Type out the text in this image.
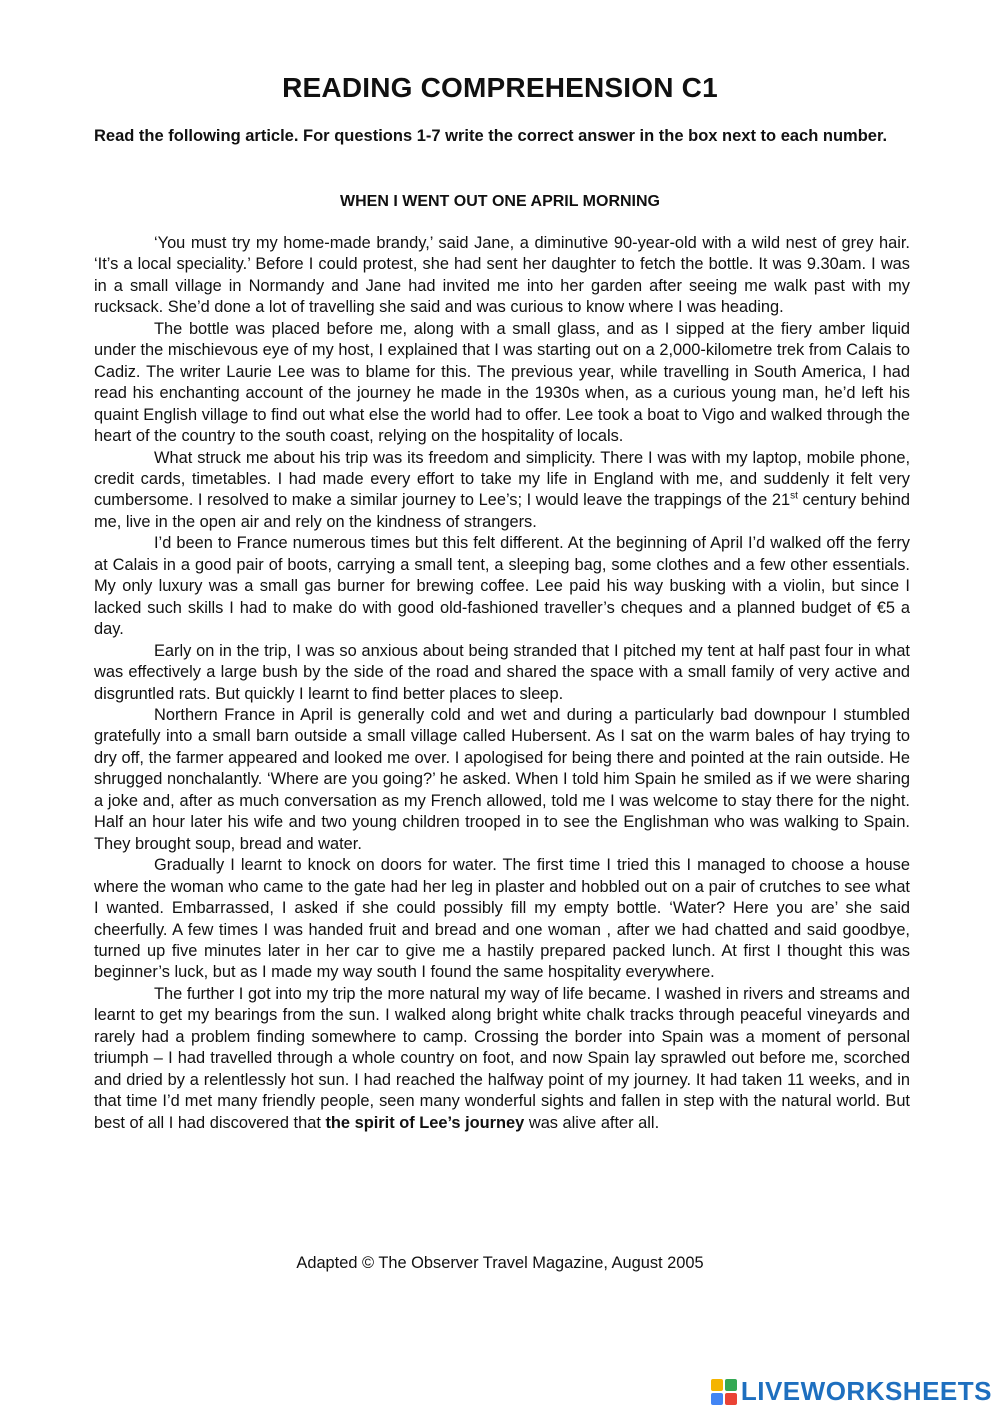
READING COMPREHENSION C1
Read the following article. For questions 1-7 write the correct answer in the box next to each number.
WHEN I WENT OUT ONE APRIL MORNING

‘You must try my home-made brandy,’ said Jane, a diminutive 90-year-old with a wild nest of grey hair. ‘It’s a local speciality.’ Before I could protest, she had sent her daughter to fetch the bottle. It was 9.30am. I was in a small village in Normandy and Jane had invited me into her garden after seeing me walk past with my rucksack. She’d done a lot of travelling she said and was curious to know where I was heading.

The bottle was placed before me, along with a small glass, and as I sipped at the fiery amber liquid under the mischievous eye of my host, I explained that I was starting out on a 2,000-kilometre trek from Calais to Cadiz. The writer Laurie Lee was to blame for this. The previous year, while travelling in South America, I had read his enchanting account of the journey he made in the 1930s when, as a curious young man, he’d left his quaint English village to find out what else the world had to offer. Lee took a boat to Vigo and walked through the heart of the country to the south coast, relying on the hospitality of locals.

What struck me about his trip was its freedom and simplicity. There I was with my laptop, mobile phone, credit cards, timetables. I had made every effort to take my life in England with me, and suddenly it felt very cumbersome. I resolved to make a similar journey to Lee’s; I would leave the trappings of the 21st century behind me, live in the open air and rely on the kindness of strangers.

I’d been to France numerous times but this felt different. At the beginning of April I’d walked off the ferry at Calais in a good pair of boots, carrying a small tent, a sleeping bag, some clothes and a few other essentials. My only luxury was a small gas burner for brewing coffee. Lee paid his way busking with a violin, but since I lacked such skills I had to make do with good old-fashioned traveller’s cheques and a planned budget of €5 a day.

Early on in the trip, I was so anxious about being stranded that I pitched my tent at half past four in what was effectively a large bush by the side of the road and shared the space with a small family of very active and disgruntled rats. But quickly I learnt to find better places to sleep.

Northern France in April is generally cold and wet and during a particularly bad downpour I stumbled gratefully into a small barn outside a small village called Hubersent. As I sat on the warm bales of hay trying to dry off, the farmer appeared and looked me over. I apologised for being there and pointed at the rain outside. He shrugged nonchalantly. ‘Where are you going?’ he asked. When I told him Spain he smiled as if we were sharing a joke and, after as much conversation as my French allowed, told me I was welcome to stay there for the night. Half an hour later his wife and two young children trooped in to see the Englishman who was walking to Spain. They brought soup, bread and water.

Gradually I learnt to knock on doors for water. The first time I tried this I managed to choose a house where the woman who came to the gate had her leg in plaster and hobbled out on a pair of crutches to see what I wanted. Embarrassed, I asked if she could possibly fill my empty bottle. ‘Water? Here you are’ she said cheerfully. A few times I was handed fruit and bread and one woman , after we had chatted and said goodbye, turned up five minutes later in her car to give me a hastily prepared packed lunch. At first I thought this was beginner’s luck, but as I made my way south I found the same hospitality everywhere.

The further I got into my trip the more natural my way of life became. I washed in rivers and streams and learnt to get my bearings from the sun. I walked along bright white chalk tracks through peaceful vineyards and rarely had a problem finding somewhere to camp. Crossing the border into Spain was a moment of personal triumph – I had travelled through a whole country on foot, and now Spain lay sprawled out before me, scorched and dried by a relentlessly hot sun. I had reached the halfway point of my journey. It had taken 11 weeks, and in that time I’d met many friendly people, seen many wonderful sights and fallen in step with the natural world. But best of all I had discovered that the spirit of Lee’s journey was alive after all.

Adapted © The Observer Travel Magazine, August 2005
LIVEWORKSHEETS
